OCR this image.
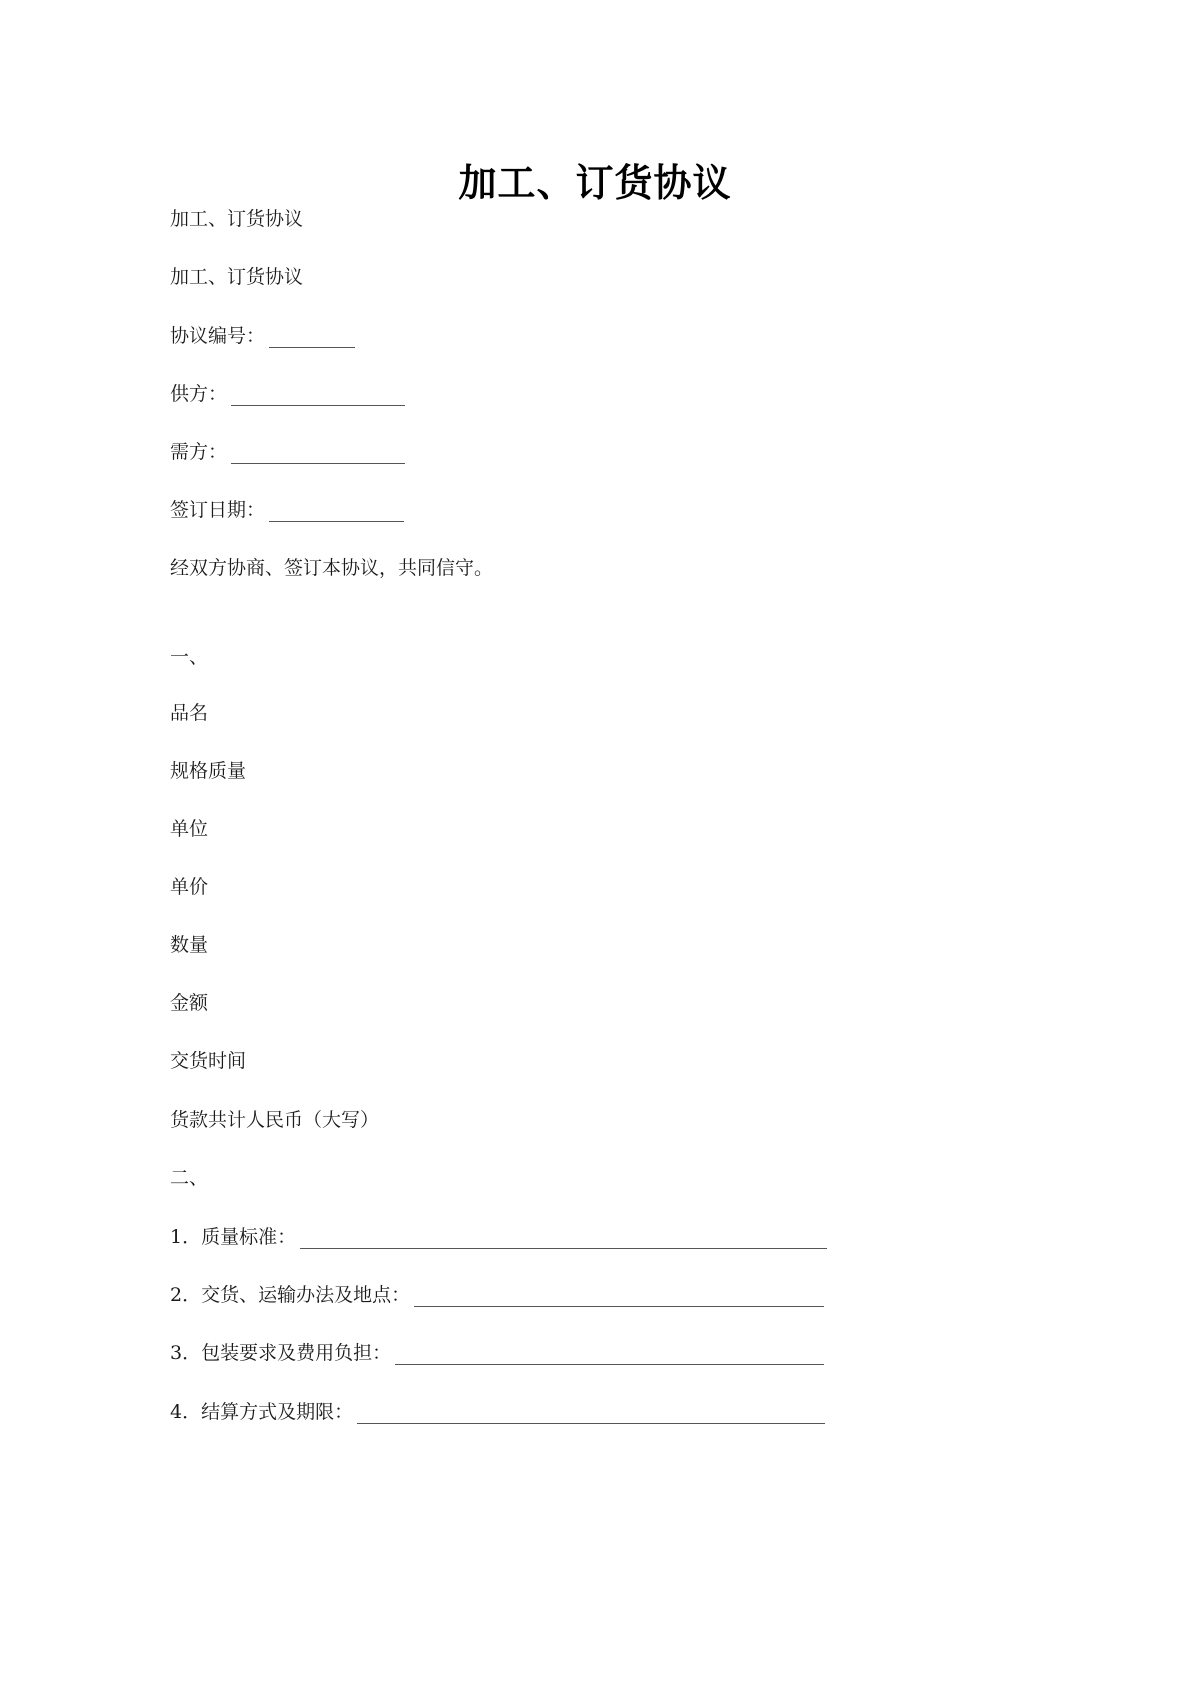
加工、订货协议
加工、订货协议
加工、订货协议
协议编号：
供方：
需方：
签订日期：
经双方协商、签订本协议，共同信守。
一、
品名
规格质量
单位
单价
数量
金额
交货时间
货款共计人民币（大写）
二、
1．质量标准：
2．交货、运输办法及地点：
3．包装要求及费用负担：
4．结算方式及期限：
